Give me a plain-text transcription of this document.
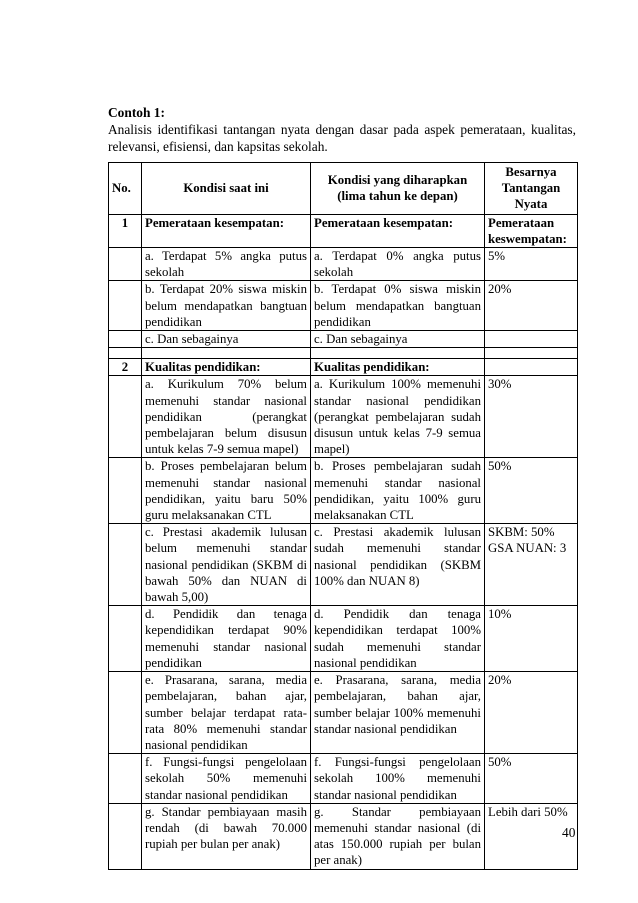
Contoh 1:
Analisis identifikasi tantangan nyata dengan dasar pada aspek pemerataan, kualitas, relevansi, efisiensi, dan kapsitas sekolah.
No.	Kondisi saat ini	Kondisi yang diharapkan (lima tahun ke depan)	Besarnya Tantangan Nyata
1	Pemerataan kesempatan:	Pemerataan kesempatan:	Pemerataan keswempatan:
	a. Terdapat 5% angka putus sekolah	a. Terdapat 0% angka putus sekolah	5%
	b. Terdapat 20% siswa miskin belum mendapatkan bangtuan pendidikan	b. Terdapat 0% siswa miskin belum mendapatkan bangtuan pendidikan	20%
	c. Dan sebagainya	c. Dan sebagainya	

2	Kualitas pendidikan:	Kualitas pendidikan:	
	a. Kurikulum 70% belum memenuhi standar nasional pendidikan (perangkat pembelajaran belum disusun untuk kelas 7-9 semua mapel)	a. Kurikulum 100% memenuhi standar nasional pendidikan (perangkat pembelajaran sudah disusun untuk kelas 7-9 semua mapel)	30%
	b. Proses pembelajaran belum memenuhi standar nasional pendidikan, yaitu baru 50% guru melaksanakan CTL	b. Proses pembelajaran sudah memenuhi standar nasional pendidikan, yaitu 100% guru melaksanakan CTL	50%
	c. Prestasi akademik lulusan belum memenuhi standar nasional pendidikan (SKBM di bawah 50% dan NUAN di bawah 5,00)	c. Prestasi akademik lulusan sudah memenuhi standar nasional pendidikan (SKBM 100% dan NUAN 8)	SKBM: 50%
GSA NUAN: 3
	d. Pendidik dan tenaga kependidikan terdapat 90% memenuhi standar nasional pendidikan	d. Pendidik dan tenaga kependidikan terdapat 100% sudah memenuhi standar nasional pendidikan	10%
	e. Prasarana, sarana, media pembelajaran, bahan ajar, sumber belajar terdapat rata-rata 80% memenuhi standar nasional pendidikan	e. Prasarana, sarana, media pembelajaran, bahan ajar, sumber belajar 100% memenuhi standar nasional pendidikan	20%
	f. Fungsi-fungsi pengelolaan sekolah 50% memenuhi standar nasional pendidikan	f. Fungsi-fungsi pengelolaan sekolah 100% memenuhi standar nasional pendidikan	50%
	g. Standar pembiayaan masih rendah (di bawah 70.000 rupiah per bulan per anak)	g. Standar pembiayaan memenuhi standar nasional (di atas 150.000 rupiah per bulan per anak)	Lebih dari 50%
40
